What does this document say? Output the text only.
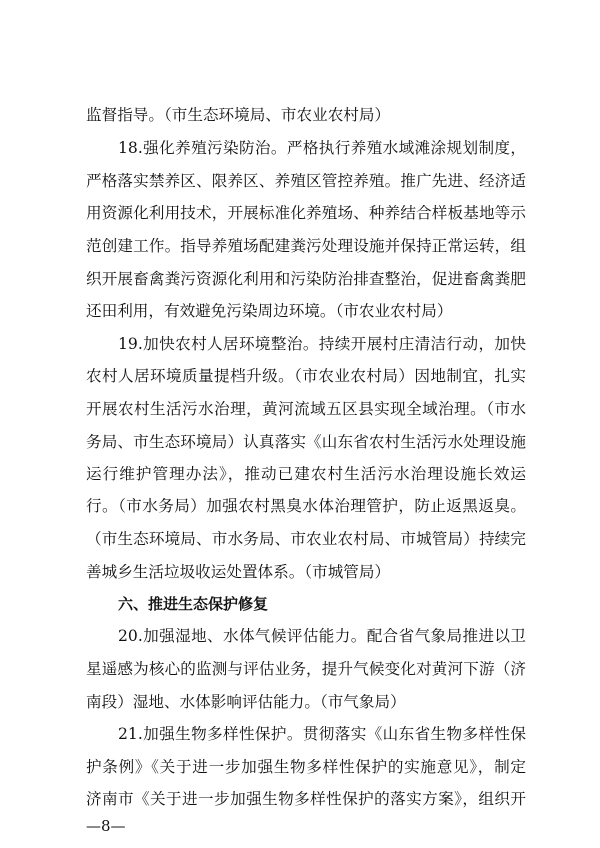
监督指导。（市生态环境局、市农业农村局）
18.强化养殖污染防治。严格执行养殖水域滩涂规划制度，
严格落实禁养区、限养区、养殖区管控养殖。推广先进、经济适
用资源化利用技术，开展标准化养殖场、种养结合样板基地等示
范创建工作。指导养殖场配建粪污处理设施并保持正常运转，组
织开展畜禽粪污资源化利用和污染防治排查整治，促进畜禽粪肥
还田利用，有效避免污染周边环境。（市农业农村局）
19.加快农村人居环境整治。持续开展村庄清洁行动，加快
农村人居环境质量提档升级。（市农业农村局）因地制宜，扎实
开展农村生活污水治理，黄河流域五区县实现全域治理。（市水
务局、市生态环境局）认真落实《山东省农村生活污水处理设施
运行维护管理办法》，推动已建农村生活污水治理设施长效运
行。（市水务局）加强农村黑臭水体治理管护，防止返黑返臭。
（市生态环境局、市水务局、市农业农村局、市城管局）持续完
善城乡生活垃圾收运处置体系。（市城管局）
六、推进生态保护修复
20.加强湿地、水体气候评估能力。配合省气象局推进以卫
星遥感为核心的监测与评估业务，提升气候变化对黄河下游（济
南段）湿地、水体影响评估能力。（市气象局）
21.加强生物多样性保护。贯彻落实《山东省生物多样性保
护条例》《关于进一步加强生物多样性保护的实施意见》，制定
济南市《关于进一步加强生物多样性保护的落实方案》，组织开
—8—
